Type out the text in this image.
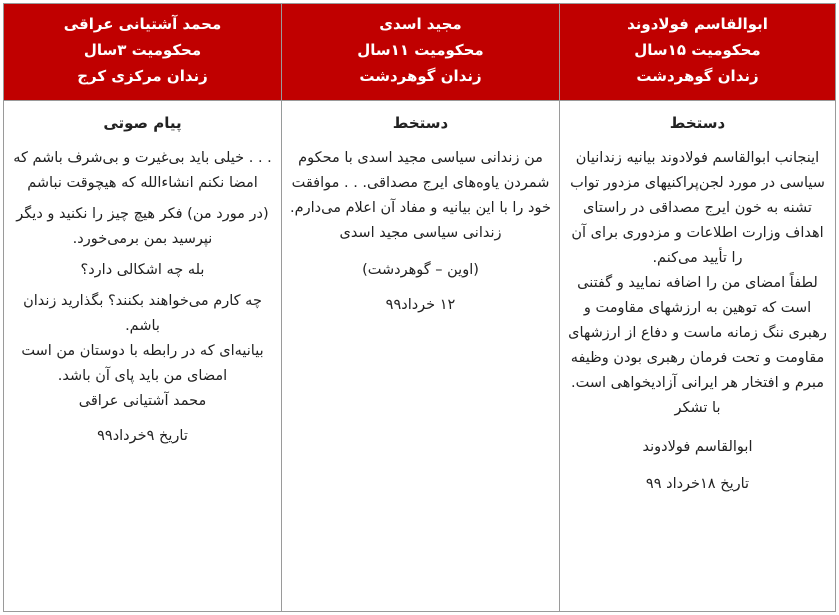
ابوالقاسم فولادوند
محکومیت ۱۵سال
زندان گوهردشت
دستخط
اینجانب ابوالقاسم فولادوند بیانیه زندانیان سیاسی در مورد لجن‌پراکنیهای مزدور تواب تشنه به خون ایرج مصداقی در راستای اهداف وزارت اطلاعات و مزدوری برای آن را تأیید می‌کنم.
لطفاً امضای من را اضافه نمایید و گفتنی است که توهین به ارزشهای مقاومت و رهبری ننگ زمانه ماست و دفاع از ارزشهای مقاومت و تحت فرمان رهبری بودن وظیفه مبرم و افتخار هر ایرانی آزادیخواهی است.
با تشکر
ابوالقاسم فولادوند
تاریخ ۱۸خرداد ۹۹
مجید اسدی
محکومیت ۱۱سال
زندان گوهردشت
دستخط
من زندانی سیاسی مجید اسدی با محکوم شمردن یاوه‌های ایرج مصداقی. . . موافقت خود را با این بیانیه و مفاد آن اعلام می‌دارم. زندانی سیاسی مجید اسدی
(اوین – گوهردشت)
۱۲ خرداد۹۹
محمد آشتیانی عراقی
محکومیت ۳سال
زندان مرکزی کرج
پیام صوتی
. . . خیلی باید بی‌غیرت و بی‌شرف باشم که امضا نکنم انشاءالله که هیچوقت نباشم
(در مورد من) فکر هیچ چیز را نکنید و دیگر نپرسید بمن برمی‌خورد.
بله چه اشکالی دارد؟
چه کارم می‌خواهند بکنند؟ بگذارید زندان باشم.
بیانیه‌ای که در رابطه با دوستان من است امضای من باید پای آن باشد.
محمد آشتیانی عراقی
تاریخ ۹خرداد۹۹
